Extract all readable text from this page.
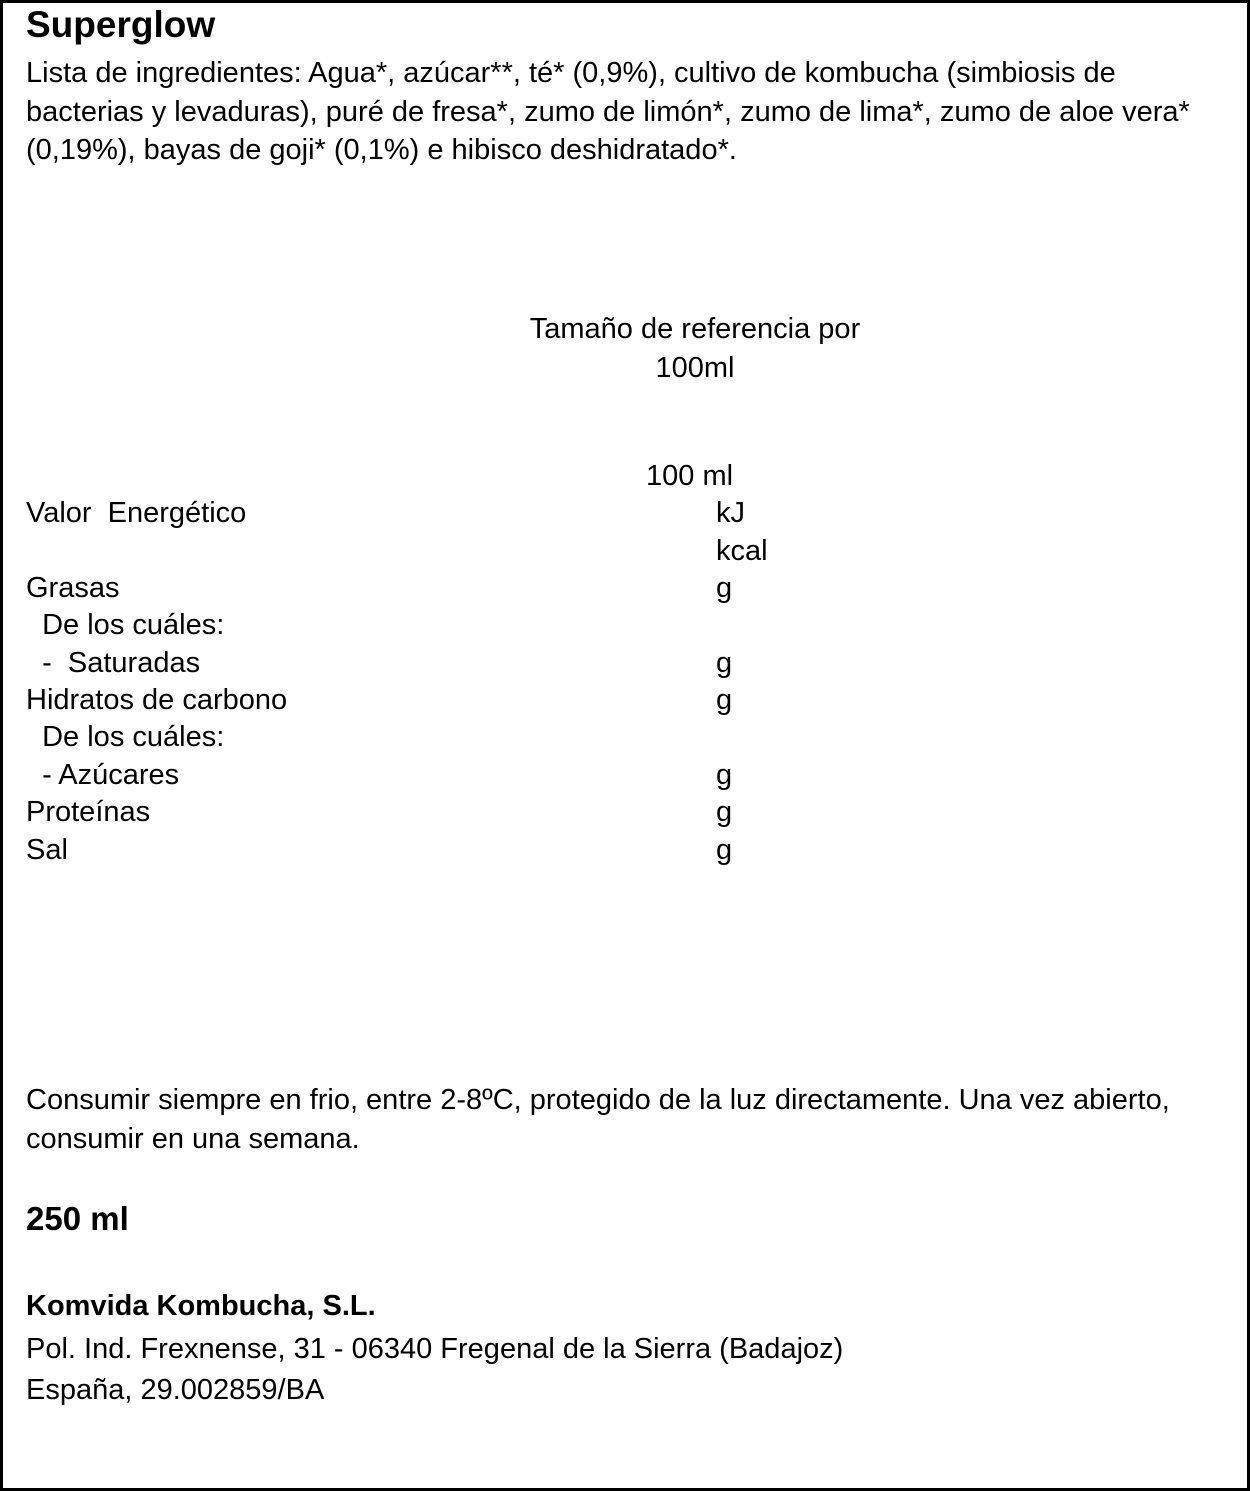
Superglow
Lista de ingredientes: Agua*, azúcar**, té* (0,9%), cultivo de kombucha (simbiosis de bacterias y levaduras), puré de fresa*, zumo de limón*, zumo de lima*, zumo de aloe vera* (0,19%), bayas de goji* (0,1%) e hibisco deshidratado*.
Tamaño de referencia por
100ml
100 ml
Valor  Energético	kJ
kcal
Grasas	g
De los cuáles:
-  Saturadas	g
Hidratos de carbono	g
De los cuáles:
- Azúcares	g
Proteínas	g
Sal	g
Consumir siempre en frio, entre 2-8ºC, protegido de la luz directamente. Una vez abierto, consumir en una semana.
250 ml
Komvida Kombucha, S.L.
Pol. Ind. Frexnense, 31 - 06340 Fregenal de la Sierra (Badajoz)
España, 29.002859/BA
